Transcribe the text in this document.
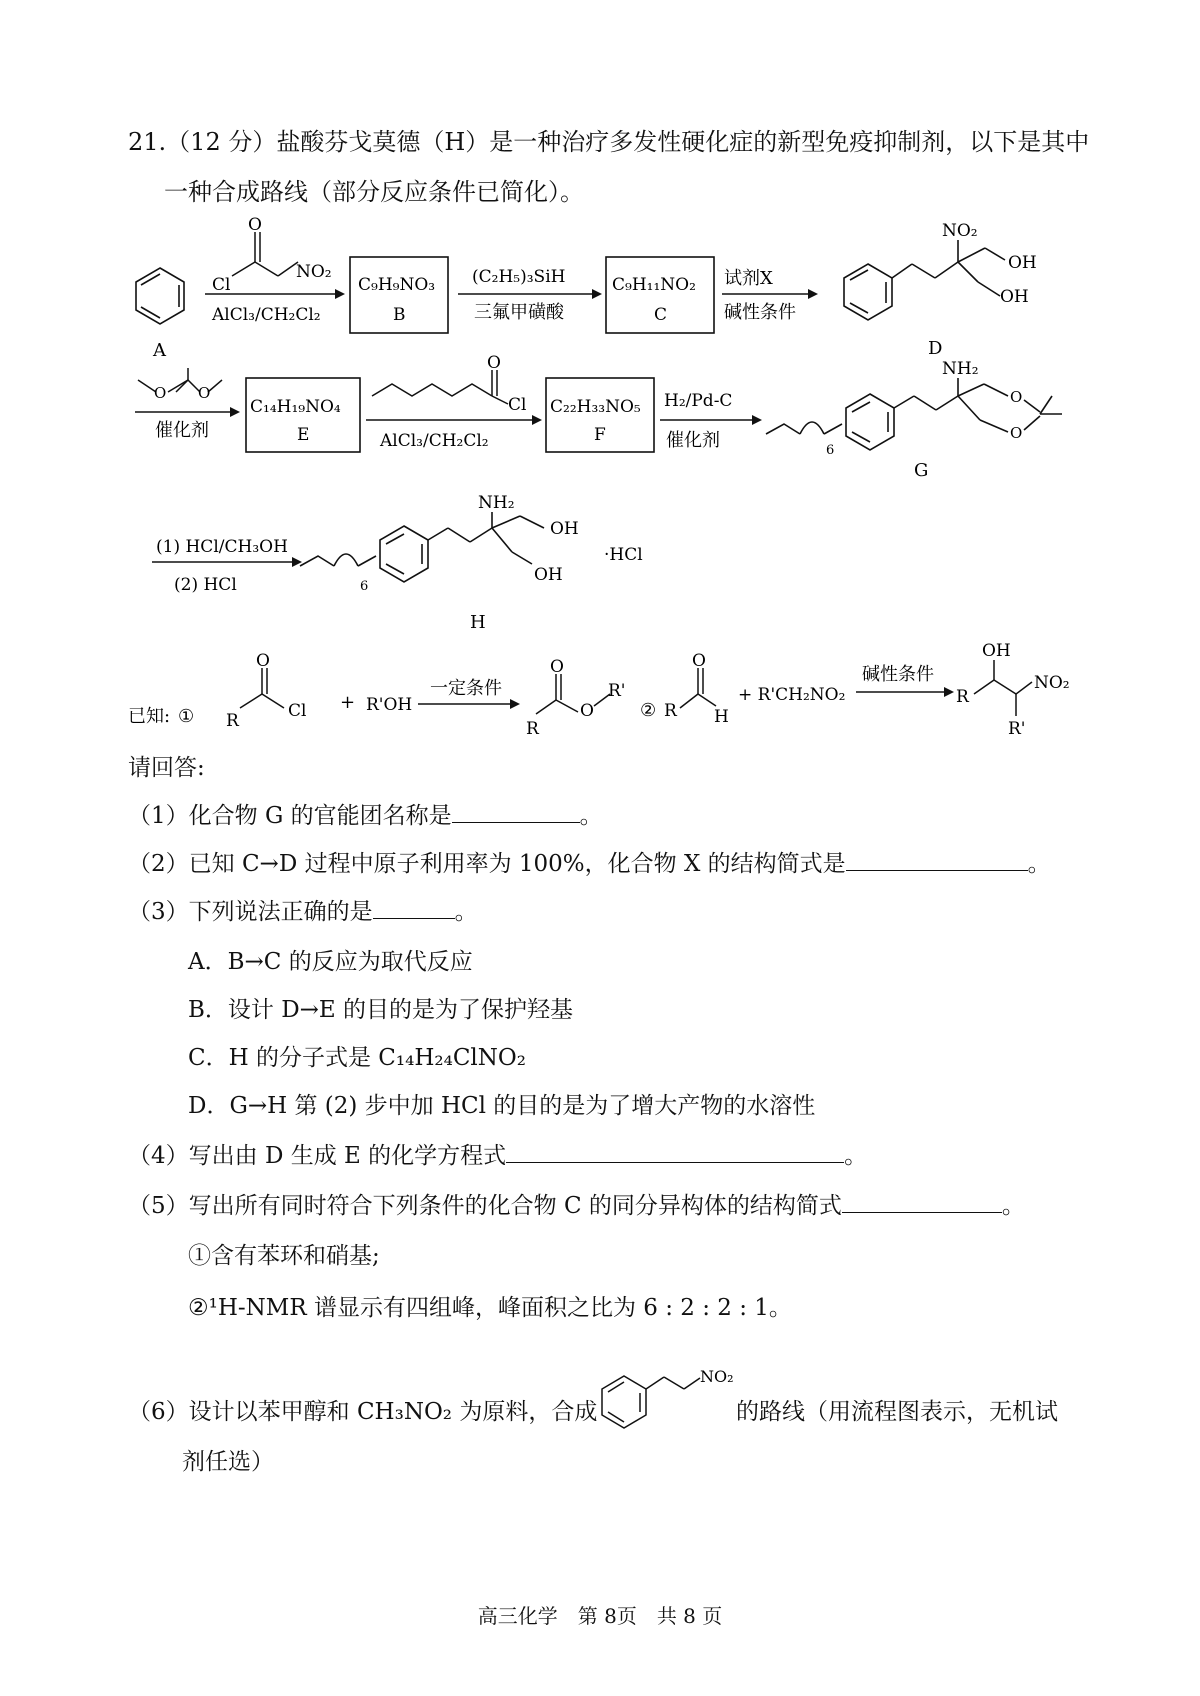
21.（12 分）盐酸芬戈莫德（H）是一种治疗多发性硬化症的新型免疫抑制剂，以下是其中
一种合成路线（部分反应条件已简化）。
A
O
Cl
NO₂
AlCl₃/CH₂Cl₂
C₉H₉NO₃
B
(C₂H₅)₃SiH
三氟甲磺酸
C₉H₁₁NO₂
C
试剂X
碱性条件
NO₂
OH
OH
D
O O
催化剂
C₁₄H₁₉NO₄
E
O
Cl
AlCl₃/CH₂Cl₂
C₂₂H₃₃NO₅
F
H₂/Pd-C
催化剂
O
O
NH₂
6
G
(1) HCl/CH₃OH
(2) HCl
NH₂
OH
OH
6
·HCl
H
已知: ①
O
R	Cl + R'OH
一定条件
O
O
R
R'
②
O
R H
+ R'CH₂NO₂
碱性条件
OH
NO₂
R
R'
NO₂
请回答:
（1）化合物 G 的官能团名称是	。
（2）已知 C→D 过程中原子利用率为 100%，化合物 X 的结构简式是	。
（3）下列说法正确的是	。
A．B→C 的反应为取代反应
B．设计 D→E 的目的是为了保护羟基
C．H 的分子式是 C₁₄H₂₄ClNO₂
D．G→H 第 (2) 步中加 HCl 的目的是为了增大产物的水溶性
（4）写出由 D 生成 E 的化学方程式	。
（5）写出所有同时符合下列条件的化合物 C 的同分异构体的结构简式	。
①含有苯环和硝基;
②¹H-NMR 谱显示有四组峰，峰面积之比为 6 : 2 : 2 : 1。
（6）设计以苯甲醇和 CH₃NO₂ 为原料，合成	的路线（用流程图表示，无机试
剂任选）
高三化学　第 8页　共 8 页
